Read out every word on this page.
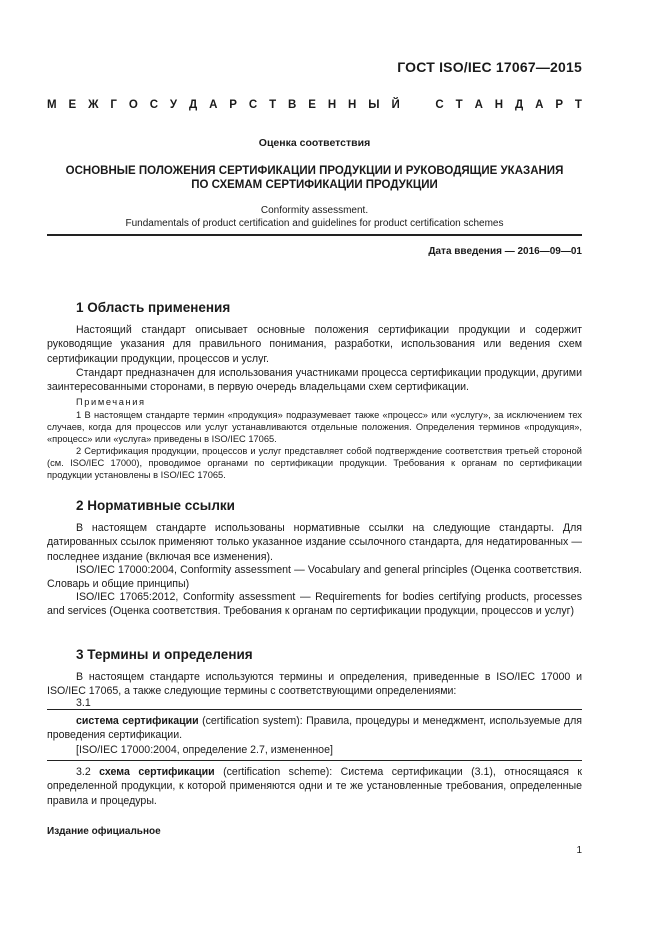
ГОСТ ISO/IEC 17067—2015
М Е Ж Г О С У Д А Р С Т В Е Н Н Ы Й	С Т А Н Д А Р Т
Оценка соответствия
ОСНОВНЫЕ ПОЛОЖЕНИЯ СЕРТИФИКАЦИИ ПРОДУКЦИИ И РУКОВОДЯЩИЕ УКАЗАНИЯ
ПО СХЕМАМ СЕРТИФИКАЦИИ ПРОДУКЦИИ
Conformity assessment.
Fundamentals of product certification and guidelines for product certification schemes
Дата введения — 2016—09—01
1 Область применения
Настоящий стандарт описывает основные положения сертификации продукции и содержит руководящие указания для правильного понимания, разработки, использования или ведения схем сертификации продукции, процессов и услуг.
Стандарт предназначен для использования участниками процесса сертификации продукции, другими заинтересованными сторонами, в первую очередь владельцами схем сертификации.
Примечания
1 В настоящем стандарте термин «продукция» подразумевает также «процесс» или «услугу», за исключением тех случаев, когда для процессов или услуг устанавливаются отдельные положения. Определения терминов «продукция», «процесс» или «услуга» приведены в ISO/IEC 17065.
2 Сертификация продукции, процессов и услуг представляет собой подтверждение соответствия третьей стороной (см. ISO/IEC 17000), проводимое органами по сертификации продукции. Требования к органам по сертификации продукции установлены в ISO/IEC 17065.
2 Нормативные ссылки
В настоящем стандарте использованы нормативные ссылки на следующие стандарты. Для датированных ссылок применяют только указанное издание ссылочного стандарта, для недатированных — последнее издание (включая все изменения).
ISO/IEC 17000:2004, Conformity assessment — Vocabulary and general principles (Оценка соответствия. Словарь и общие принципы)
ISO/IEC 17065:2012, Conformity assessment — Requirements for bodies certifying products, processes and services (Оценка соответствия. Требования к органам по сертификации продукции, процессов и услуг)
3 Термины и определения
В настоящем стандарте используются термины и определения, приведенные в ISO/IEC 17000 и ISO/IEC 17065, а также следующие термины с соответствующими определениями:
3.1
система сертификации (certification system): Правила, процедуры и менеджмент, используемые для проведения сертификации.
[ISO/IEC 17000:2004, определение 2.7, измененное]
3.2 схема сертификации (certification scheme): Система сертификации (3.1), относящаяся к определенной продукции, к которой применяются одни и те же установленные требования, определенные правила и процедуры.
Издание официальное
1
